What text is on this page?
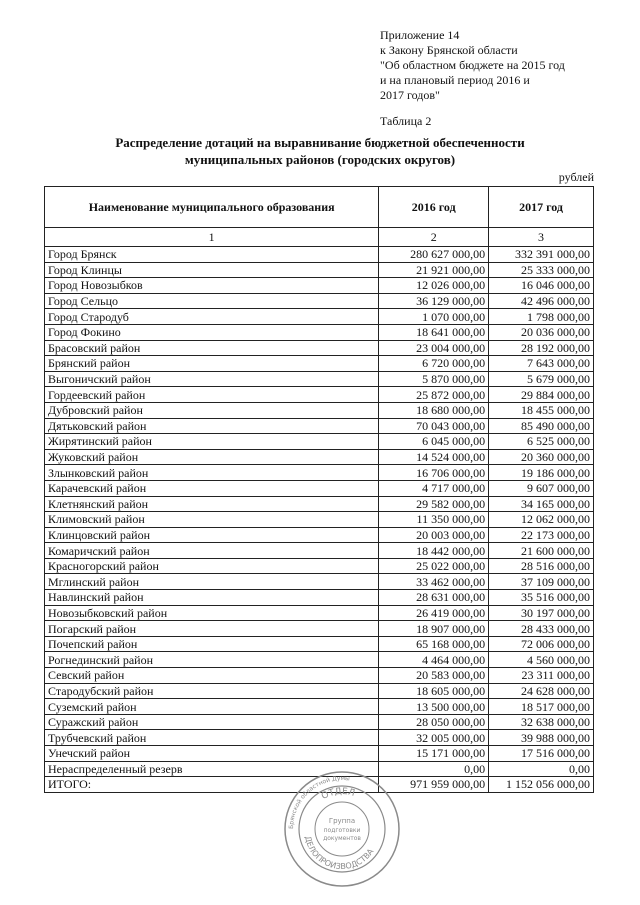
Приложение 14
к Закону Брянской области
"Об областном бюджете на 2015 год
и на плановый период 2016 и
2017 годов"
Таблица 2
Распределение дотаций на выравнивание бюджетной обеспеченности
муниципальных районов (городских округов)
рублей
Наименование муниципального образования	2016 год	2017 год
1	2	3
Город Брянск	280 627 000,00	332 391 000,00
Город Клинцы	21 921 000,00	25 333 000,00
Город Новозыбков	12 026 000,00	16 046 000,00
Город Сельцо	36 129 000,00	42 496 000,00
Город Стародуб	1 070 000,00	1 798 000,00
Город Фокино	18 641 000,00	20 036 000,00
Брасовский район	23 004 000,00	28 192 000,00
Брянский район	6 720 000,00	7 643 000,00
Выгоничский район	5 870 000,00	5 679 000,00
Гордеевский район	25 872 000,00	29 884 000,00
Дубровский район	18 680 000,00	18 455 000,00
Дятьковский район	70 043 000,00	85 490 000,00
Жирятинский район	6 045 000,00	6 525 000,00
Жуковский район	14 524 000,00	20 360 000,00
Злынковский район	16 706 000,00	19 186 000,00
Карачевский район	4 717 000,00	9 607 000,00
Клетнянский район	29 582 000,00	34 165 000,00
Климовский район	11 350 000,00	12 062 000,00
Клинцовский район	20 003 000,00	22 173 000,00
Комаричский район	18 442 000,00	21 600 000,00
Красногорский район	25 022 000,00	28 516 000,00
Мглинский район	33 462 000,00	37 109 000,00
Навлинский район	28 631 000,00	35 516 000,00
Новозыбковский район	26 419 000,00	30 197 000,00
Погарский район	18 907 000,00	28 433 000,00
Почепский район	65 168 000,00	72 006 000,00
Рогнединский район	4 464 000,00	4 560 000,00
Севский район	20 583 000,00	23 311 000,00
Стародубский район	18 605 000,00	24 628 000,00
Суземский район	13 500 000,00	18 517 000,00
Суражский район	28 050 000,00	32 638 000,00
Трубчевский район	32 005 000,00	39 988 000,00
Унечский район	15 171 000,00	17 516 000,00
Нераспределенный резерв	0,00	0,00
ИТОГО:	971 959 000,00	1 152 056 000,00
Брянской областной Думы
ОТДЕЛ
ДЕЛОПРОИЗВОДСТВА
Группа
подготовки
документов
